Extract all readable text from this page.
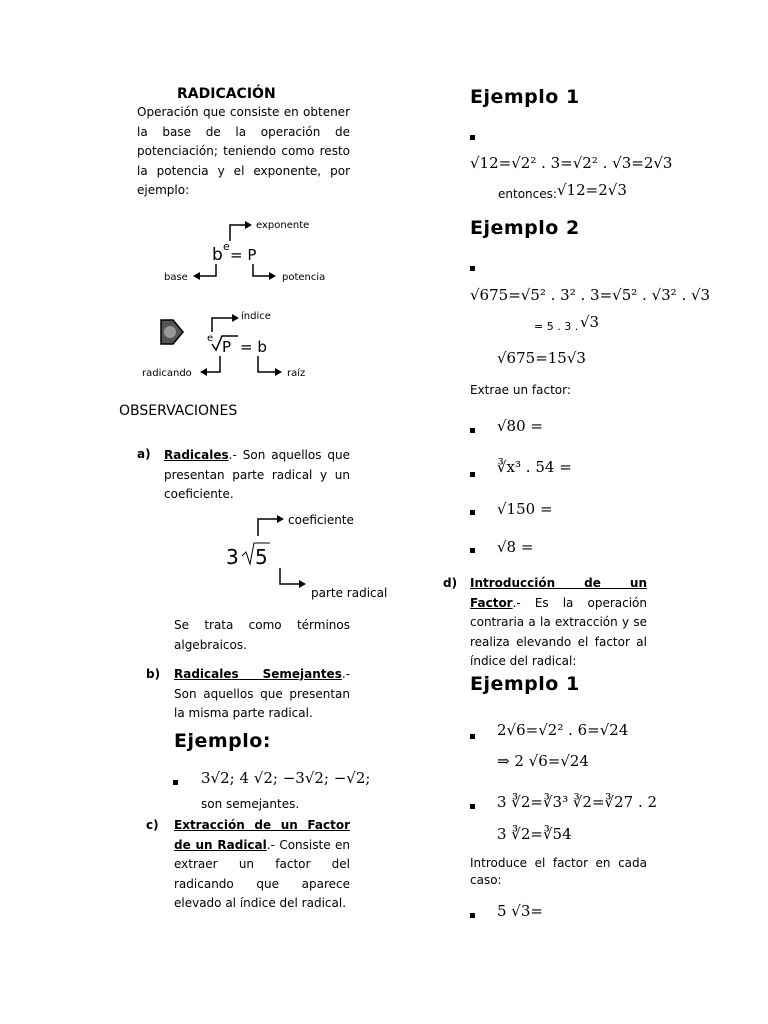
RADICACIÓN
Operación que consiste en obtener la base de la operación de potenciación; teniendo como resto la potencia y el exponente, por ejemplo:
exponente
b e = P
base	potencia
índice
e P = b
radicando	raíz
OBSERVACIONES
a) Radicales.- Son aquellos que presentan parte radical y un coeficiente.
coeficiente
3 5
parte radical
Se trata como términos algebraicos.
b) Radicales Semejantes.- Son aquellos que presentan la misma parte radical.
Ejemplo:
3√2; 4 √2; −3√2; −√2;
son semejantes.
c) Extracción de un Factor de un Radical.- Consiste en extraer un factor del radicando que aparece elevado al índice del radical.
Ejemplo 1
√12=√2² . 3=√2² . √3=2√3
entonces: √12=2√3
Ejemplo 2
√675=√5² . 3² . 3=√5² . √3² . √3
= 5 . 3 . √3
√675=15√3
Extrae un factor:
√80 =
∛x³ . 54 =
√150 =
√8 =
d) Introducción de un Factor.- Es la operación contraria a la extracción y se realiza elevando el factor al índice del radical:
Ejemplo 1
2√6=√2² . 6=√24
⇒ 2 √6=√24
3 ∛2=∛3³ ∛2=∛27 . 2
3 ∛2=∛54
Introduce el factor en cada caso:
5 √3=
